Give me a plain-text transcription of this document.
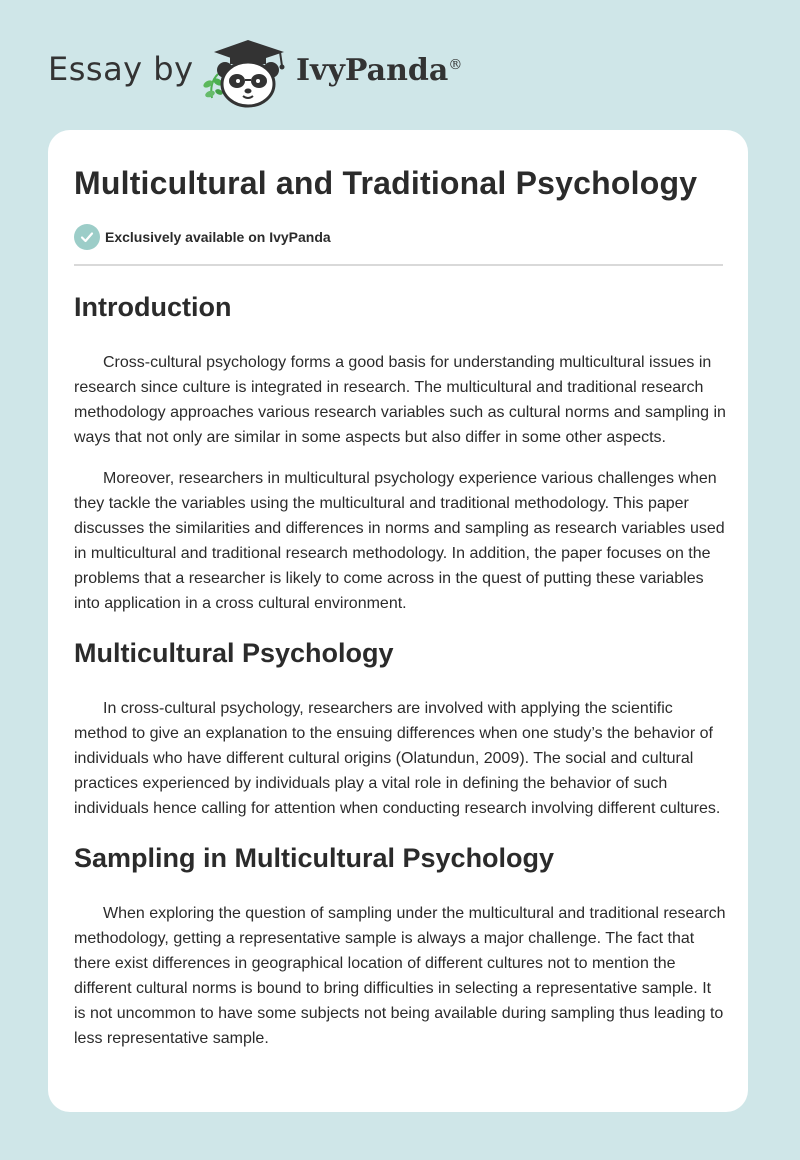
Essay by	IvyPanda®
Multicultural and Traditional Psychology
Exclusively available on IvyPanda
Introduction

Cross-cultural psychology forms a good basis for understanding multicultural issues in research since culture is integrated in research. The multicultural and traditional research methodology approaches various research variables such as cultural norms and sampling in ways that not only are similar in some aspects but also differ in some other aspects.

Moreover, researchers in multicultural psychology experience various challenges when they tackle the variables using the multicultural and traditional methodology. This paper discusses the similarities and differences in norms and sampling as research variables used in multicultural and traditional research methodology. In addition, the paper focuses on the problems that a researcher is likely to come across in the quest of putting these variables into application in a cross cultural environment.

Multicultural Psychology

In cross-cultural psychology, researchers are involved with applying the scientific method to give an explanation to the ensuing differences when one study’s the behavior of individuals who have different cultural origins (Olatundun, 2009). The social and cultural practices experienced by individuals play a vital role in defining the behavior of such individuals hence calling for attention when conducting research involving different cultures.

Sampling in Multicultural Psychology

When exploring the question of sampling under the multicultural and traditional research methodology, getting a representative sample is always a major challenge. The fact that there exist differences in geographical location of different cultures not to mention the different cultural norms is bound to bring difficulties in selecting a representative sample. It is not uncommon to have some subjects not being available during sampling thus leading to less representative sample.
